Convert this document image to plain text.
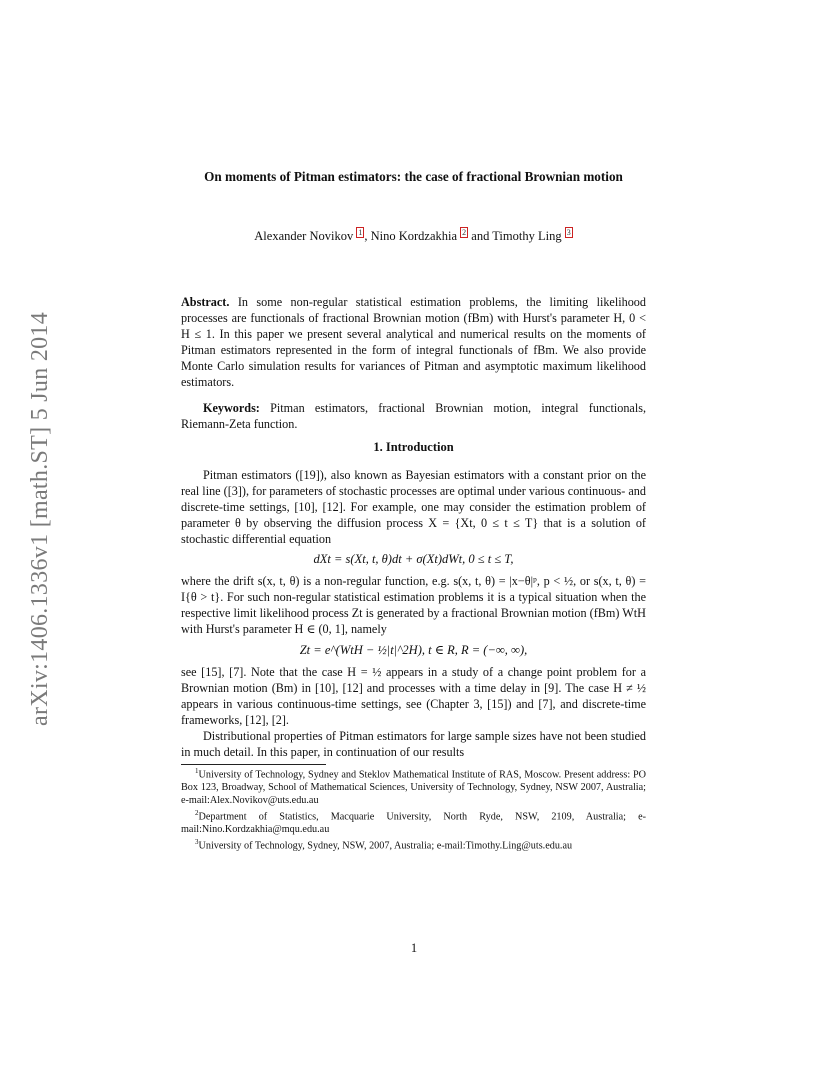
arXiv:1406.1336v1 [math.ST] 5 Jun 2014
On moments of Pitman estimators: the case of fractional Brownian motion
Alexander Novikov $^1$ , Nino Kordzakhia $^2$ and Timothy Ling $^3$
Abstract. In some non-regular statistical estimation problems, the limiting likelihood processes are functionals of fractional Brownian motion (fBm) with Hurst's parameter H, 0 < H ≤ 1. In this paper we present several analytical and numerical results on the moments of Pitman estimators represented in the form of integral functionals of fBm. We also provide Monte Carlo simulation results for variances of Pitman and asymptotic maximum likelihood estimators.
Keywords: Pitman estimators, fractional Brownian motion, integral functionals, Riemann-Zeta function.
1. Introduction
Pitman estimators ([19]), also known as Bayesian estimators with a constant prior on the real line ([3]), for parameters of stochastic processes are optimal under various continuous- and discrete-time settings, [10], [12]. For example, one may consider the estimation problem of parameter θ by observing the diffusion process X = {Xt, 0 ≤ t ≤ T} that is a solution of stochastic differential equation
dXt = s(Xt, t, θ)dt + σ(Xt)dWt, 0 ≤ t ≤ T,
where the drift s(x, t, θ) is a non-regular function, e.g. s(x, t, θ) = |x−θ|ᵖ, p < ½, or s(x, t, θ) = I{θ > t}. For such non-regular statistical estimation problems it is a typical situation when the respective limit likelihood process Zt is generated by a fractional Brownian motion (fBm) WtH with Hurst's parameter H ∈ (0, 1], namely
Zt = e^(WtH − ½|t|^2H), t ∈ R, R = (−∞, ∞),
see [15], [7]. Note that the case H = ½ appears in a study of a change point problem for a Brownian motion (Bm) in [10], [12] and processes with a time delay in [9]. The case H ≠ ½ appears in various continuous-time settings, see (Chapter 3, [15]) and [7], and discrete-time frameworks, [12], [2].
Distributional properties of Pitman estimators for large sample sizes have not been studied in much detail. In this paper, in continuation of our results
$^1$University of Technology, Sydney and Steklov Mathematical Institute of RAS, Moscow. Present address: PO Box 123, Broadway, School of Mathematical Sciences, University of Technology, Sydney, NSW 2007, Australia; e-mail:Alex.Novikov@uts.edu.au
$^2$Department of Statistics, Macquarie University, North Ryde, NSW, 2109, Australia; e-mail:Nino.Kordzakhia@mqu.edu.au
$^3$University of Technology, Sydney, NSW, 2007, Australia; e-mail:Timothy.Ling@uts.edu.au
1
